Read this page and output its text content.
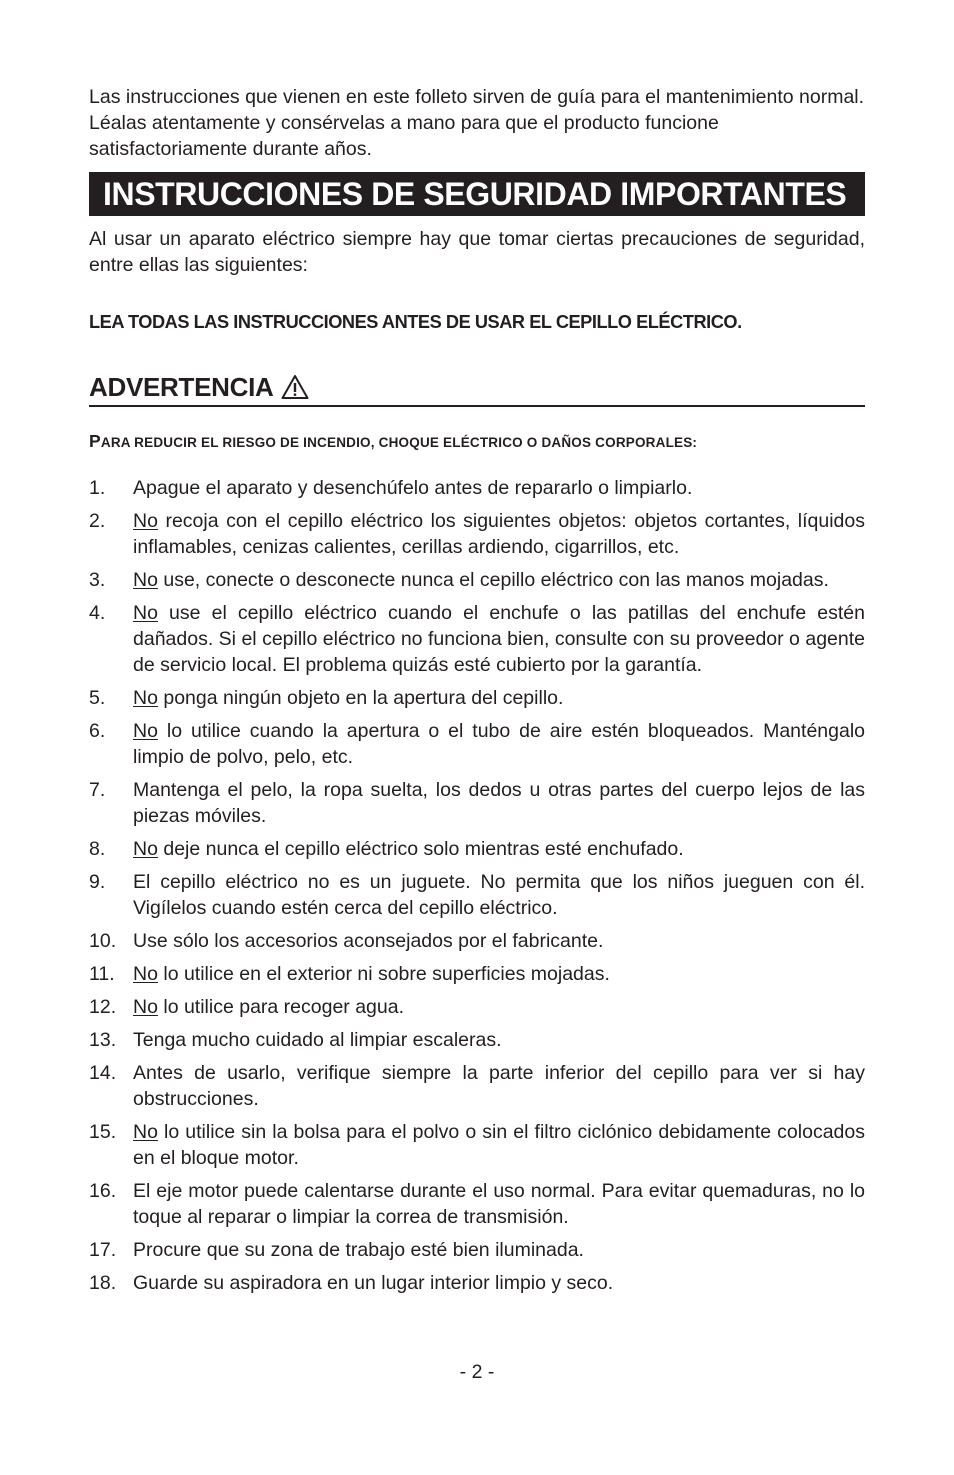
Las instrucciones que vienen en este folleto sirven de guía para el mantenimiento normal. Léalas atentamente y consérvelas a mano para que el producto funcione satisfactoriamente durante años.

INSTRUCCIONES DE SEGURIDAD IMPORTANTES

Al usar un aparato eléctrico siempre hay que tomar ciertas precauciones de seguridad, entre ellas las siguientes:

LEA TODAS LAS INSTRUCCIONES ANTES DE USAR EL CEPILLO ELÉCTRICO.

ADVERTENCIA

PARA REDUCIR EL RIESGO DE INCENDIO, CHOQUE ELÉCTRICO O DAÑOS CORPORALES:

1.	Apague el aparato y desenchúfelo antes de repararlo o limpiarlo.
2.	No recoja con el cepillo eléctrico los siguientes objetos: objetos cortantes, líquidos inflamables, cenizas calientes, cerillas ardiendo, cigarrillos, etc.
3.	No use, conecte o desconecte nunca el cepillo eléctrico con las manos mojadas.
4.	No use el cepillo eléctrico cuando el enchufe o las patillas del enchufe estén dañados. Si el cepillo eléctrico no funciona bien, consulte con su proveedor o agente de servicio local. El problema quizás esté cubierto por la garantía.
5.	No ponga ningún objeto en la apertura del cepillo.
6.	No lo utilice cuando la apertura o el tubo de aire estén bloqueados. Manténgalo limpio de polvo, pelo, etc.
7.	Mantenga el pelo, la ropa suelta, los dedos u otras partes del cuerpo lejos de las piezas móviles.
8.	No deje nunca el cepillo eléctrico solo mientras esté enchufado.
9.	El cepillo eléctrico no es un juguete. No permita que los niños jueguen con él. Vigílelos cuando estén cerca del cepillo eléctrico.
10. Use sólo los accesorios aconsejados por el fabricante.
11. No lo utilice en el exterior ni sobre superficies mojadas.
12. No lo utilice para recoger agua.
13. Tenga mucho cuidado al limpiar escaleras.
14. Antes de usarlo, verifique siempre la parte inferior del cepillo para ver si hay obstrucciones.
15. No lo utilice sin la bolsa para el polvo o sin el filtro ciclónico debidamente colocados en el bloque motor.
16. El eje motor puede calentarse durante el uso normal. Para evitar quemaduras, no lo toque al reparar o limpiar la correa de transmisión.
17. Procure que su zona de trabajo esté bien iluminada.
18. Guarde su aspiradora en un lugar interior limpio y seco.
- 2 -
